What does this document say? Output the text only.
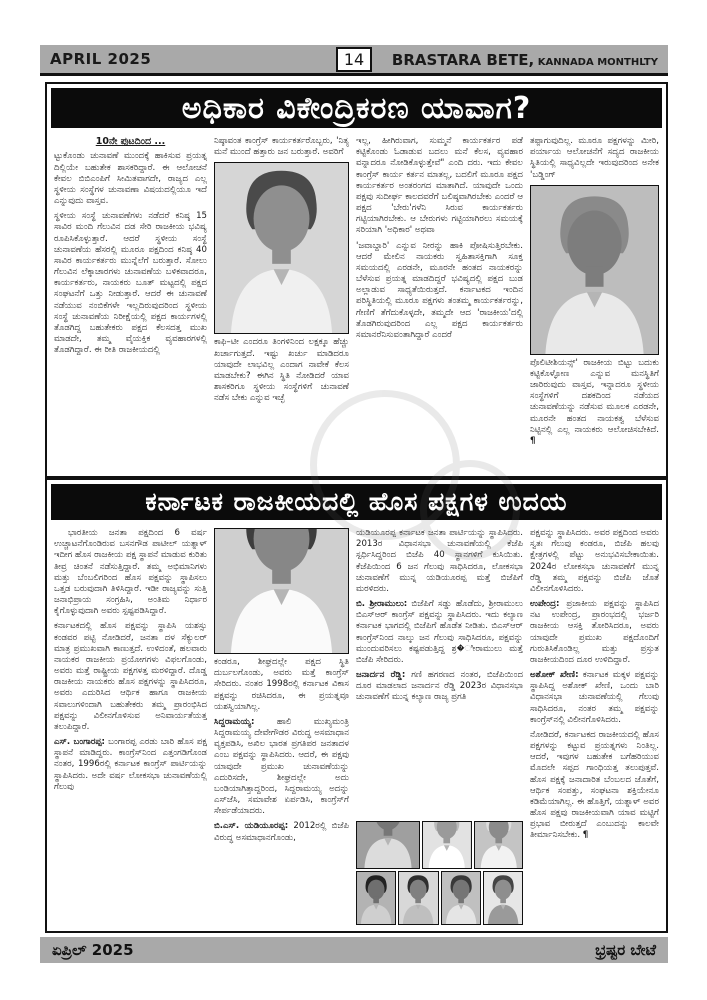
APRIL 2025	14	BRASTARA BETE, KANNADA MONTHLTY
ಅಧಿಕಾರ ವಿಕೇಂದ್ರಿಕರಣ ಯಾವಾಗ?
10ನೇ ಪುಟದಿಂದ ...

ಟ್ಟುಕೊಂಡು ಚುನಾವಣೆ ಮುಂದಕ್ಕೆ ಹಾಕಿಸುವ ಪ್ರಯತ್ನ ದಿಲ್ಲಿಯೇ ಬಹುತೇಕ ಶಾಸಕರಿದ್ದಾರೆ. ಈ ಆಲೋಚನೆ ಕೇವಲ ಬಿಬಿಎಂಪಿಗೆ ಸೀಮಿತವಾಗದೇ, ರಾಜ್ಯದ ಎಲ್ಲ ಸ್ಥಳೀಯ ಸಂಸ್ಥೆಗಳ ಚುನಾವಣಾ ವಿಷಯದಲ್ಲಿಯೂ ಇದೆ ಎನ್ನುವುದು ವಾಸ್ತವ.

ಸ್ಥಳೀಯ ಸಂಸ್ಥೆ ಚುನಾವಣೆಗಳು ನಡೆದರೆ ಕನಿಷ್ಠ 15 ಸಾವಿರ ಮಂದಿ ಗೆಲುವಿನ ದಡ ಸೇರಿ ರಾಜಕೀಯ ಭವಿಷ್ಯ ರೂಪಿಸಿಕೊಳ್ಳುತ್ತಾರೆ. ಆದರೆ ಸ್ಥಳೀಯ ಸಂಸ್ಥೆ ಚುನಾವಣೆಯ ಹೆಸರಲ್ಲಿ ಮೂರೂ ಪಕ್ಷದಿಂದ ಕನಿಷ್ಠ 40 ಸಾವಿರ ಕಾರ್ಯಕರ್ತರು ಮುನ್ನೆಲೆಗೆ ಬರುತ್ತಾರೆ. ಸೋಲು ಗೆಲುವಿನ ಲೆಕ್ಕಾಚಾರಗಳು ಚುನಾವಣೆಯ ಬಳಿಕವಾದರೂ, ಕಾರ್ಯಕರ್ತರು, ನಾಯಕರು ಬೂತ್ ಮಟ್ಟದಲ್ಲಿ ಪಕ್ಷದ ಸಂಘಟನೆಗೆ ಒತ್ತು ನೀಡುತ್ತಾರೆ. ಆದರೆ ಈ ಚುನಾವಣೆ ನಡೆಯುವ ನಂಬಿಕೆಗಳೇ ಇಲ್ಲದಿರುವುದರಿಂದ ಸ್ಥಳೀಯ ಸಂಸ್ಥೆ ಚುನಾವಣೆಯ ನಿರೀಕ್ಷೆಯಲ್ಲಿ ಪಕ್ಷದ ಕಾರ್ಯಗಳಲ್ಲಿ ತೊಡಗಿದ್ದ ಬಹುತೇಕರು ಪಕ್ಷದ ಕೆಲಸದತ್ತ ಮುಖ ಮಾಡದೇ, ತಮ್ಮ ವೈಯಕ್ತಿಕ ವ್ಯವಹಾರಗಳಲ್ಲಿ ತೊಡಗಿದ್ದಾರೆ. ಈ ರೀತಿ ರಾಜಕೀಯದಲ್ಲಿ

ನಿಷ್ಠಾವಂತ ಕಾಂಗ್ರೆಸ್ ಕಾರ್ಯಕರ್ತರೊಬ್ಬರು, 'ನಿತ್ಯ ಮನೆ ಮುಂದೆ ಹತ್ತಾರು ಜನ ಬರುತ್ತಾರೆ. ಅವರಿಗೆ

ಕಾಫಿ–ಟೀ ಎಂದರೂ ತಿಂಗಳಿನಿಂದ ಲಕ್ಷಕ್ಕೂ ಹೆಚ್ಚು ಖರ್ಚಾಗುತ್ತದೆ. ಇಷ್ಟು ಖರ್ಚು ಮಾಡಿದರೂ ಯಾವುದೇ ಲಾಭವಿಲ್ಲ ಎಂದಾಗ ನಾವೇಕೆ ಕೆಲಸ ಮಾಡಬೇಕು? ಈಗಿನ ಸ್ಥಿತಿ ನೋಡಿದರೆ ಯಾವ ಶಾಸಕರಿಗೂ ಸ್ಥಳೀಯ ಸಂಸ್ಥೆಗಳಿಗೆ ಚುನಾವಣೆ ನಡೆಸ ಬೇಕು ಎನ್ನುವ ಇಚ್ಛೆ

ಇಲ್ಲ, ಹೀಗಿರುವಾಗ, ಸುಮ್ಮನೆ ಕಾರ್ಯಕರ್ತರ ಪಡೆ ಕಟ್ಟಿಕೊಂಡು ಓಡಾಡುವ ಬದಲು ಮನೆ ಕೆಲಸ, ವ್ಯವಹಾರ ವನ್ನಾದರೂ ನೋಡಿಕೊಳ್ಳುತ್ತೇವೆ" ಎಂದಿ ದರು. ಇದು ಕೇವಲ ಕಾಂಗ್ರೆಸ್ ಕಾರ್ಯ ಕರ್ತನ ಮಾತಲ್ಲ, ಬದಲಿಗೆ ಮೂರೂ ಪಕ್ಷದ ಕಾರ್ಯಕರ್ತರ ಅಂತರಂಗದ ಮಾತಾಗಿದೆ. ಯಾವುದೇ ಒಂದು ಪಕ್ಷವು ಸುದೀರ್ಘ ಕಾಲದವರೆಗೆ ಬಲಿಷ್ಠವಾಗಿರಬೇಕು ಎಂದರೆ ಆ ಪಕ್ಷದ 'ಬೇರು'ಗಳೆನಿ ಸಿರುವ ಕಾರ್ಯಕರ್ತರು ಗಟ್ಟಿಯಾಗಿರಬೇಕು. ಆ ಬೇರುಗಳು ಗಟ್ಟಿಯಾಗಿರಲು ಸಮಯಕ್ಕೆ ಸರಿಯಾಗಿ 'ಅಧಿಕಾರ' ಅಥವಾ

'ಜವಾಬ್ದಾರಿ' ಎನ್ನುವ ನೀರನ್ನು ಹಾಕಿ ಪೋಷಿಸುತ್ತಿರಬೇಕು. ಆದರೆ ಮೇಲಿನ ನಾಯಕರು ಸ್ವಹಿತಾಸಕ್ತಿಗಾಗಿ ಸೂಕ್ತ ಸಮಯದಲ್ಲಿ ಎರಡನೇ, ಮೂರನೇ ಹಂತದ ನಾಯಕರನ್ನು ಬೆಳೆಸುವ ಪ್ರಯತ್ನ ಮಾಡದಿದ್ದರೆ ಭವಿಷ್ಯದಲ್ಲಿ ಪಕ್ಷದ ಬುಡ ಅಲ್ಲಾಡುವ ಸಾಧ್ಯತೆಯಿರುತ್ತದೆ. ಕರ್ನಾಟಕದ ಇಂದಿನ ಪರಿಸ್ಥಿತಿಯಲ್ಲಿ ಮೂರೂ ಪಕ್ಷಗಳು ತಂತಮ್ಮ ಕಾರ್ಯಕರ್ತರನ್ನು, ಗೇಣಿಗೆ ತೆಗೆದುಕೊಳ್ಳದೇ, ತಮ್ಮದೇ ಆದ 'ರಾಜಕೀಯ'ದಲ್ಲಿ ತೊಡಗಿರುವುದರಿಂದ ಎಲ್ಲ ಪಕ್ಷದ ಕಾರ್ಯಕರ್ತರು ಸಮಾನರೆನಿಸುವಂತಾಗಿದ್ದಾರೆ ಎಂದರೆ

ತಪ್ಪಾಗುವುದಿಲ್ಲ. ಮೂರೂ ಪಕ್ಷಗಳನ್ನು ಮೀರಿ, ಪರ್ಯಾಯ ಆಲೋಚನೆಗೆ ಸದ್ಯದ ರಾಜಕೀಯ ಸ್ಥಿತಿಯಲ್ಲಿ ಸಾಧ್ಯವಿಲ್ಲದೇ ಇರುವುದರಿಂದ ಅನೇಕ 'ಬಡ್ಡಿಂಗ್

ಪೊಲಿಟೀಶಿಯನ್ಸ್' ರಾಜಕೀಯ ಬಿಟ್ಟು ಬದುಕು ಕಟ್ಟಿಕೊಳ್ಳೋಣ ಎನ್ನುವ ಮನಸ್ಥಿತಿಗೆ ಜಾರಿರುವುದು ವಾಸ್ತವ, ಇನ್ನಾದರೂ ಸ್ಥಳೀಯ ಸಂಸ್ಥೆಗಳಿಗೆ ದಶಕದಿಂದ ನಡೆಯದ ಚುನಾವಣೆಯನ್ನು ನಡೆಸುವ ಮೂಲಕ ಎರಡನೇ, ಮೂರನೇ ಹಂತದ ನಾಯಕತ್ವ ಬೆಳೆಸುವ ನಿಟ್ಟಿನಲ್ಲಿ ಎಲ್ಲ ನಾಯಕರು ಆಲೋಚಿಸಬೇಕಿದೆ. ¶

ಕರ್ನಾಟಕ ರಾಜಕೀಯದಲ್ಲಿ ಹೊಸ ಪಕ್ಷಗಳ ಉದಯ

ಭಾರತೀಯ ಜನತಾ ಪಕ್ಷದಿಂದ 6 ವರ್ಷ ಉಚ್ಚಾಟನೆಗೊಂಡಿರುವ ಬಸನಗೌಡ ಪಾಟೀಲ್ ಯತ್ನಾಳ್ ಇದೀಗ ಹೊಸ ರಾಜಕೀಯ ಪಕ್ಷ ಸ್ಥಾಪನೆ ಮಾಡುವ ಕುರಿತು ತೀವ್ರ ಚಿಂತನೆ ನಡೆಸುತ್ತಿದ್ದಾರೆ. ತಮ್ಮ ಅಭಿಮಾನಿಗಳು ಮತ್ತು ಬೆಂಬಲಿಗರಿಂದ ಹೊಸ ಪಕ್ಷವನ್ನು ಸ್ಥಾಪಿಸಲು ಒತ್ತಡ ಬರುವುದಾಗಿ ತಿಳಿಸಿದ್ದಾರೆ. ಇಡೀ ರಾಜ್ಯವನ್ನು ಸುತ್ತಿ ಜನಾಭಿಪ್ರಾಯ ಸಂಗ್ರಹಿಸಿ, ಅಂತಿಮ ನಿರ್ಧಾರ ಕೈಗೊಳ್ಳುವುದಾಗಿ ಅವರು ಸ್ಪಷ್ಟಪಡಿಸಿದ್ದಾರೆ.

ಕರ್ನಾಟಕದಲ್ಲಿ ಹೊಸ ಪಕ್ಷವನ್ನು ಸ್ಥಾಪಿಸಿ ಯಶಸ್ಸು ಕಂಡವರ ಪಟ್ಟಿ ನೋಡಿದರೆ, ಜನತಾ ದಳ ಸೆಕ್ಯುಲರ್ ಮಾತ್ರ ಪ್ರಮುಖವಾಗಿ ಕಾಣುತ್ತದೆ. ಉಳಿದಂತೆ, ಹಲವಾರು ನಾಯಕರ ರಾಜಕೀಯ ಪ್ರಯೋಗಗಳು ವಿಫಲಗೊಂಡು, ಅವರು ಮತ್ತೆ ರಾಷ್ಟ್ರೀಯ ಪಕ್ಷಗಳತ್ತ ಮರಳಿದ್ದಾರೆ. ದೊಡ್ಡ ರಾಜಕೀಯ ನಾಯಕರು ಹೊಸ ಪಕ್ಷಗಳನ್ನು ಸ್ಥಾಪಿಸಿದರೂ, ಅವರು ಎದುರಿಸಿದ ಆರ್ಥಿಕ ಹಾಗೂ ರಾಜಕೀಯ ಸವಾಲುಗಳಿಂದಾಗಿ ಬಹುತೇಕರು ತಮ್ಮ ಪ್ರಾರಂಭಿಸಿದ ಪಕ್ಷವನ್ನು ವಿಲೀನಗೊಳಿಸುವ ಅನಿವಾರ್ಯತೆಯತ್ತ ತಲುಪಿದ್ದಾರೆ.

ಎಸ್. ಬಂಗಾರಪ್ಪ: ಬಂಗಾರಪ್ಪ ಎರಡು ಬಾರಿ ಹೊಸ ಪಕ್ಷ ಸ್ಥಾಪನೆ ಮಾಡಿದ್ದರು. ಕಾಂಗ್ರೆಸ್‌ನಿಂದ ಎತ್ತಂಗಡಿಗೊಂಡ ನಂತರ, 1996ರಲ್ಲಿ ಕರ್ನಾಟಕ ಕಾಂಗ್ರೆಸ್ ಪಾರ್ಟಿಯನ್ನು ಸ್ಥಾಪಿಸಿದರು. ಅದೇ ವರ್ಷ ಲೋಕಸಭಾ ಚುನಾವಣೆಯಲ್ಲಿ ಗೆಲುವು

ಕಂಡರೂ, ಶೀಘ್ರದಲ್ಲೇ ಪಕ್ಷದ ಸ್ಥಿತಿ ದುರ್ಬಲಗೊಂಡು, ಅವರು ಮತ್ತೆ ಕಾಂಗ್ರೆಸ್ ಸೇರಿದರು. ನಂತರ 1998ರಲ್ಲಿ ಕರ್ನಾಟಕ ವಿಕಾಸ ಪಕ್ಷವನ್ನು ರಚಿಸಿದರೂ, ಈ ಪ್ರಯತ್ನವೂ ಯಶಸ್ವಿಯಾಗಿಲ್ಲ.

ಸಿದ್ದರಾಮಯ್ಯ:	ಹಾಲಿ ಮುಖ್ಯಮಂತ್ರಿ ಸಿದ್ದರಾಮಯ್ಯ ದೇವೇಗೌಡರ ವಿರುದ್ಧ ಅಸಮಾಧಾನ ವ್ಯಕ್ತಪಡಿಸಿ, ಅಖಿಲ ಭಾರತ ಪ್ರಗತಿಪರ ಜನತಾದಳ ಎಂಬ ಪಕ್ಷವನ್ನು ಸ್ಥಾಪಿಸಿದರು. ಆದರೆ, ಈ ಪಕ್ಷವು ಯಾವುದೇ ಪ್ರಮುಖ ಚುನಾವಣೆಯನ್ನು ಎದುರಿಸದೇ, ಶೀಘ್ರದಲ್ಲೇ ಅದು ಬಂಡಿಯಾಗಿತ್ತಾದ್ದರಿಂದ, ಸಿದ್ದರಾಮಯ್ಯ ಅದನ್ನು ಎಸ್‌ಜೆಸಿ, ಸಮಾವೇಶ ಏರ್ಪಡಿಸಿ, ಕಾಂಗ್ರೆಸ್‌ಗೆ ಸೇರ್ಪಡೆಯಾದರು.

ಬಿ.ಎಸ್. ಯಡಿಯೂರಪ್ಪ: 2012ರಲ್ಲಿ ಬಿಜೆಪಿ ವಿರುದ್ಧ ಅಸಮಾಧಾನಗೊಂಡು,

ಯಡಿಯೂರಪ್ಪ ಕರ್ನಾಟಕ ಜನತಾ ಪಾರ್ಟಿಯನ್ನು ಸ್ಥಾಪಿಸಿದರು. 2013ರ ವಿಧಾನಸಭಾ ಚುನಾವಣೆಯಲ್ಲಿ ಕೆಜೆಪಿ ಸ್ಪರ್ಧಿಸಿದ್ದರಿಂದ ಬಿಜೆಪಿ 40 ಸ್ಥಾನಗಳಿಗೆ ಕುಸಿಯಿತು. ಕೆಜೆಪಿಯಿಂದ 6 ಜನ ಗೆಲುವು ಸಾಧಿಸಿದರೂ, ಲೋಕಸಭಾ ಚುನಾವಣೆಗೆ ಮುನ್ನ ಯಡಿಯೂರಪ್ಪ ಮತ್ತೆ ಬಿಜೆಪಿಗೆ ಮರಳಿದರು.

ಬಿ. ಶ್ರೀರಾಮುಲು: ಬಿಜೆಪಿಗೆ ಸಡ್ಡು ಹೊಡೆದು, ಶ್ರೀರಾಮುಲು ಬಿಎಸ್‌ಆರ್ ಕಾಂಗ್ರೆಸ್ ಪಕ್ಷವನ್ನು ಸ್ಥಾಪಿಸಿದರು. ಇದು ಕಲ್ಯಾಣ ಕರ್ನಾಟಕ ಭಾಗದಲ್ಲಿ ಬಿಜೆಪಿಗೆ ಹೊಡೆತ ನೀಡಿತು. ಬಿಎಸ್‌ಆರ್ ಕಾಂಗ್ರೆಸ್‌ನಿಂದ ನಾಲ್ಕು ಜನ ಗೆಲುವು ಸಾಧಿಸಿದರೂ, ಪಕ್ಷವನ್ನು ಮುಂದುವರಿಸಲು ಕಷ್ಟಪಡುತ್ತಿದ್ದ ಶ್ರ�ೀರಾಮುಲು ಮತ್ತೆ ಬಿಜೆಪಿ ಸೇರಿದರು.

ಜನಾರ್ದನ ರೆಡ್ಡಿ: ಗಣಿ ಹಗರಣದ ನಂತರ, ಬಿಜೆಪಿಯಿಂದ ದೂರ ಮಾಡಲಾದ ಜನಾರ್ದನ ರೆಡ್ಡಿ 2023ರ ವಿಧಾನಸಭಾ ಚುನಾವಣೆಗೆ ಮುನ್ನ ಕಲ್ಯಾಣ ರಾಜ್ಯ ಪ್ರಗತಿ

ಪಕ್ಷವನ್ನು ಸ್ಥಾಪಿಸಿದರು. ಅವರ ಪಕ್ಷದಿಂದ ಅವರು ಸ್ವತಃ ಗೆಲುವು ಕಂಡರೂ, ಬಿಜೆಪಿ ಹಲವು ಕ್ಷೇತ್ರಗಳಲ್ಲಿ ಪೆಟ್ಟು ಅನುಭವಿಸಬೇಕಾಯಿತು. 2024ರ ಲೋಕಸಭಾ ಚುನಾವಣೆಗೆ ಮುನ್ನ ರೆಡ್ಡಿ ತಮ್ಮ ಪಕ್ಷವನ್ನು ಬಿಜೆಪಿ ಜೊತೆ ವಿಲೀನಗೊಳಿಸಿದರು.

ಉಪೇಂದ್ರ: ಪ್ರಜಾಕೀಯ ಪಕ್ಷವನ್ನು ಸ್ಥಾಪಿಸಿದ ನಟ ಉಪೇಂದ್ರ, ಪ್ರಾರಂಭದಲ್ಲಿ ಭರ್ಜರಿ ರಾಜಕೀಯ ಆಸಕ್ತಿ ತೋರಿಸಿದರೂ, ಅವರು ಯಾವುದೇ ಪ್ರಮುಖ ಪಕ್ಷದೊಂದಿಗೆ ಗುರುತಿಸಿಕೊಂಡಿಲ್ಲ ಮತ್ತು ಪ್ರಸ್ತುತ ರಾಜಕೀಯದಿಂದ ದೂರ ಉಳಿದಿದ್ದಾರೆ.

ಅಶೋಕ್ ಖೇಣಿ: ಕರ್ನಾಟಕ ಮಕ್ಕಳ ಪಕ್ಷವನ್ನು ಸ್ಥಾಪಿಸಿದ್ದ ಅಶೋಕ್ ಖೇಣಿ, ಒಂದು ಬಾರಿ ವಿಧಾನಸಭಾ ಚುನಾವಣೆಯಲ್ಲಿ ಗೆಲುವು ಸಾಧಿಸಿದರೂ, ನಂತರ ತಮ್ಮ ಪಕ್ಷವನ್ನು ಕಾಂಗ್ರೆಸ್‌ನಲ್ಲಿ ವಿಲೀನಗೊಳಿಸಿದರು.

ನೋಡಿದರೆ, ಕರ್ನಾಟಕದ ರಾಜಕೀಯದಲ್ಲಿ ಹೊಸ ಪಕ್ಷಗಳನ್ನು ಕಟ್ಟುವ ಪ್ರಯತ್ನಗಳು ನಿಂತಿಲ್ಲ. ಆದರೆ, ಇವುಗಳ ಬಹುತೇಕ ಬಗೆಹರಿಯುವ ಮೊದಲೇ ಸಪ್ಪದ ಗಾಂಧಿಯತ್ತ ತಲುಪುತ್ತವೆ. ಹೊಸ ಪಕ್ಷಕ್ಕೆ ಜನಾದಾರಿತ ಬೆಂಬಲದ ಜೊತೆಗೆ, ಆರ್ಥಿಕ ಸಂಪತ್ತು, ಸಂಘಟನಾ ಶಕ್ತಿಯೇನೂ ಕಡಿಮೆಯಾಗಿಲ್ಲ. ಈ ಹೊತ್ತಿಗೆ, ಯತ್ನಾಳ್ ಅವರ ಹೊಸ ಪಕ್ಷವು ರಾಜಕೀಯವಾಗಿ ಯಾವ ಮಟ್ಟಿಗೆ ಪ್ರಭಾವ ಬೀರುತ್ತದೆ ಎಂಬುದನ್ನು ಕಾಲವೇ ತೀರ್ಮಾನಿಸಬೇಕು. ¶

ಏಪ್ರಿಲ್ 2025	ಭ್ರಷ್ಟರ ಬೇಟೆ
